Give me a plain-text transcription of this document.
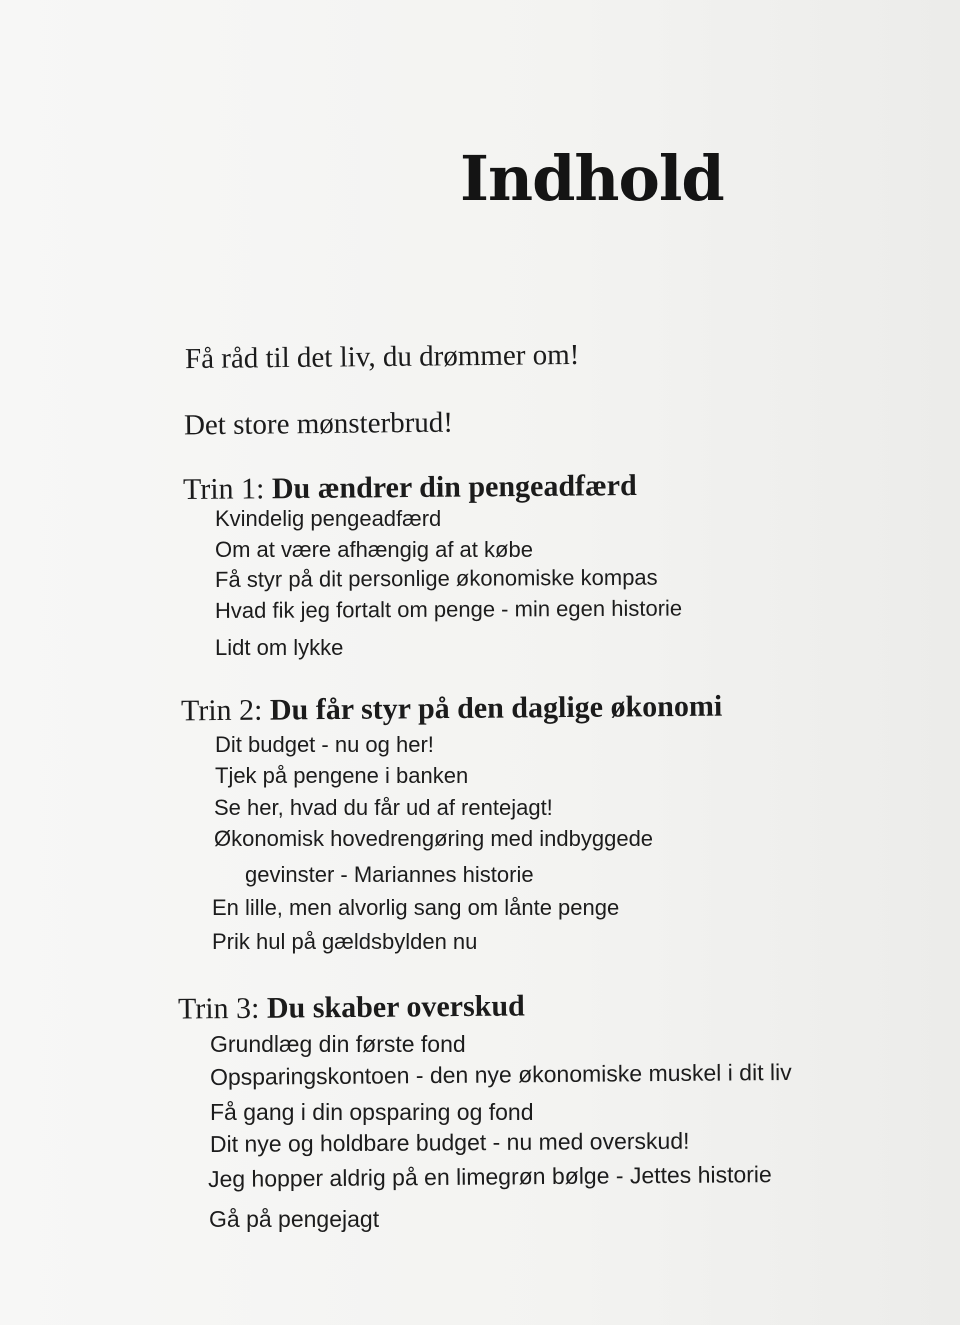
Indhold

Få råd til det liv, du drømmer om!

Det store mønsterbrud!

Trin 1: Du ændrer din pengeadfærd

Kvindelig pengeadfærd

Om at være afhængig af at købe

Få styr på dit personlige økonomiske kompas

Hvad fik jeg fortalt om penge - min egen historie

Lidt om lykke

Trin 2: Du får styr på den daglige økonomi

Dit budget - nu og her!

Tjek på pengene i banken

Se her, hvad du får ud af rentejagt!

Økonomisk hovedrengøring med indbyggede

gevinster - Mariannes historie

En lille, men alvorlig sang om lånte penge

Prik hul på gældsbylden nu

Trin 3: Du skaber overskud

Grundlæg din første fond

Opsparingskontoen - den nye økonomiske muskel i dit liv

Få gang i din opsparing og fond

Dit nye og holdbare budget - nu med overskud!

Jeg hopper aldrig på en limegrøn bølge - Jettes historie

Gå på pengejagt
